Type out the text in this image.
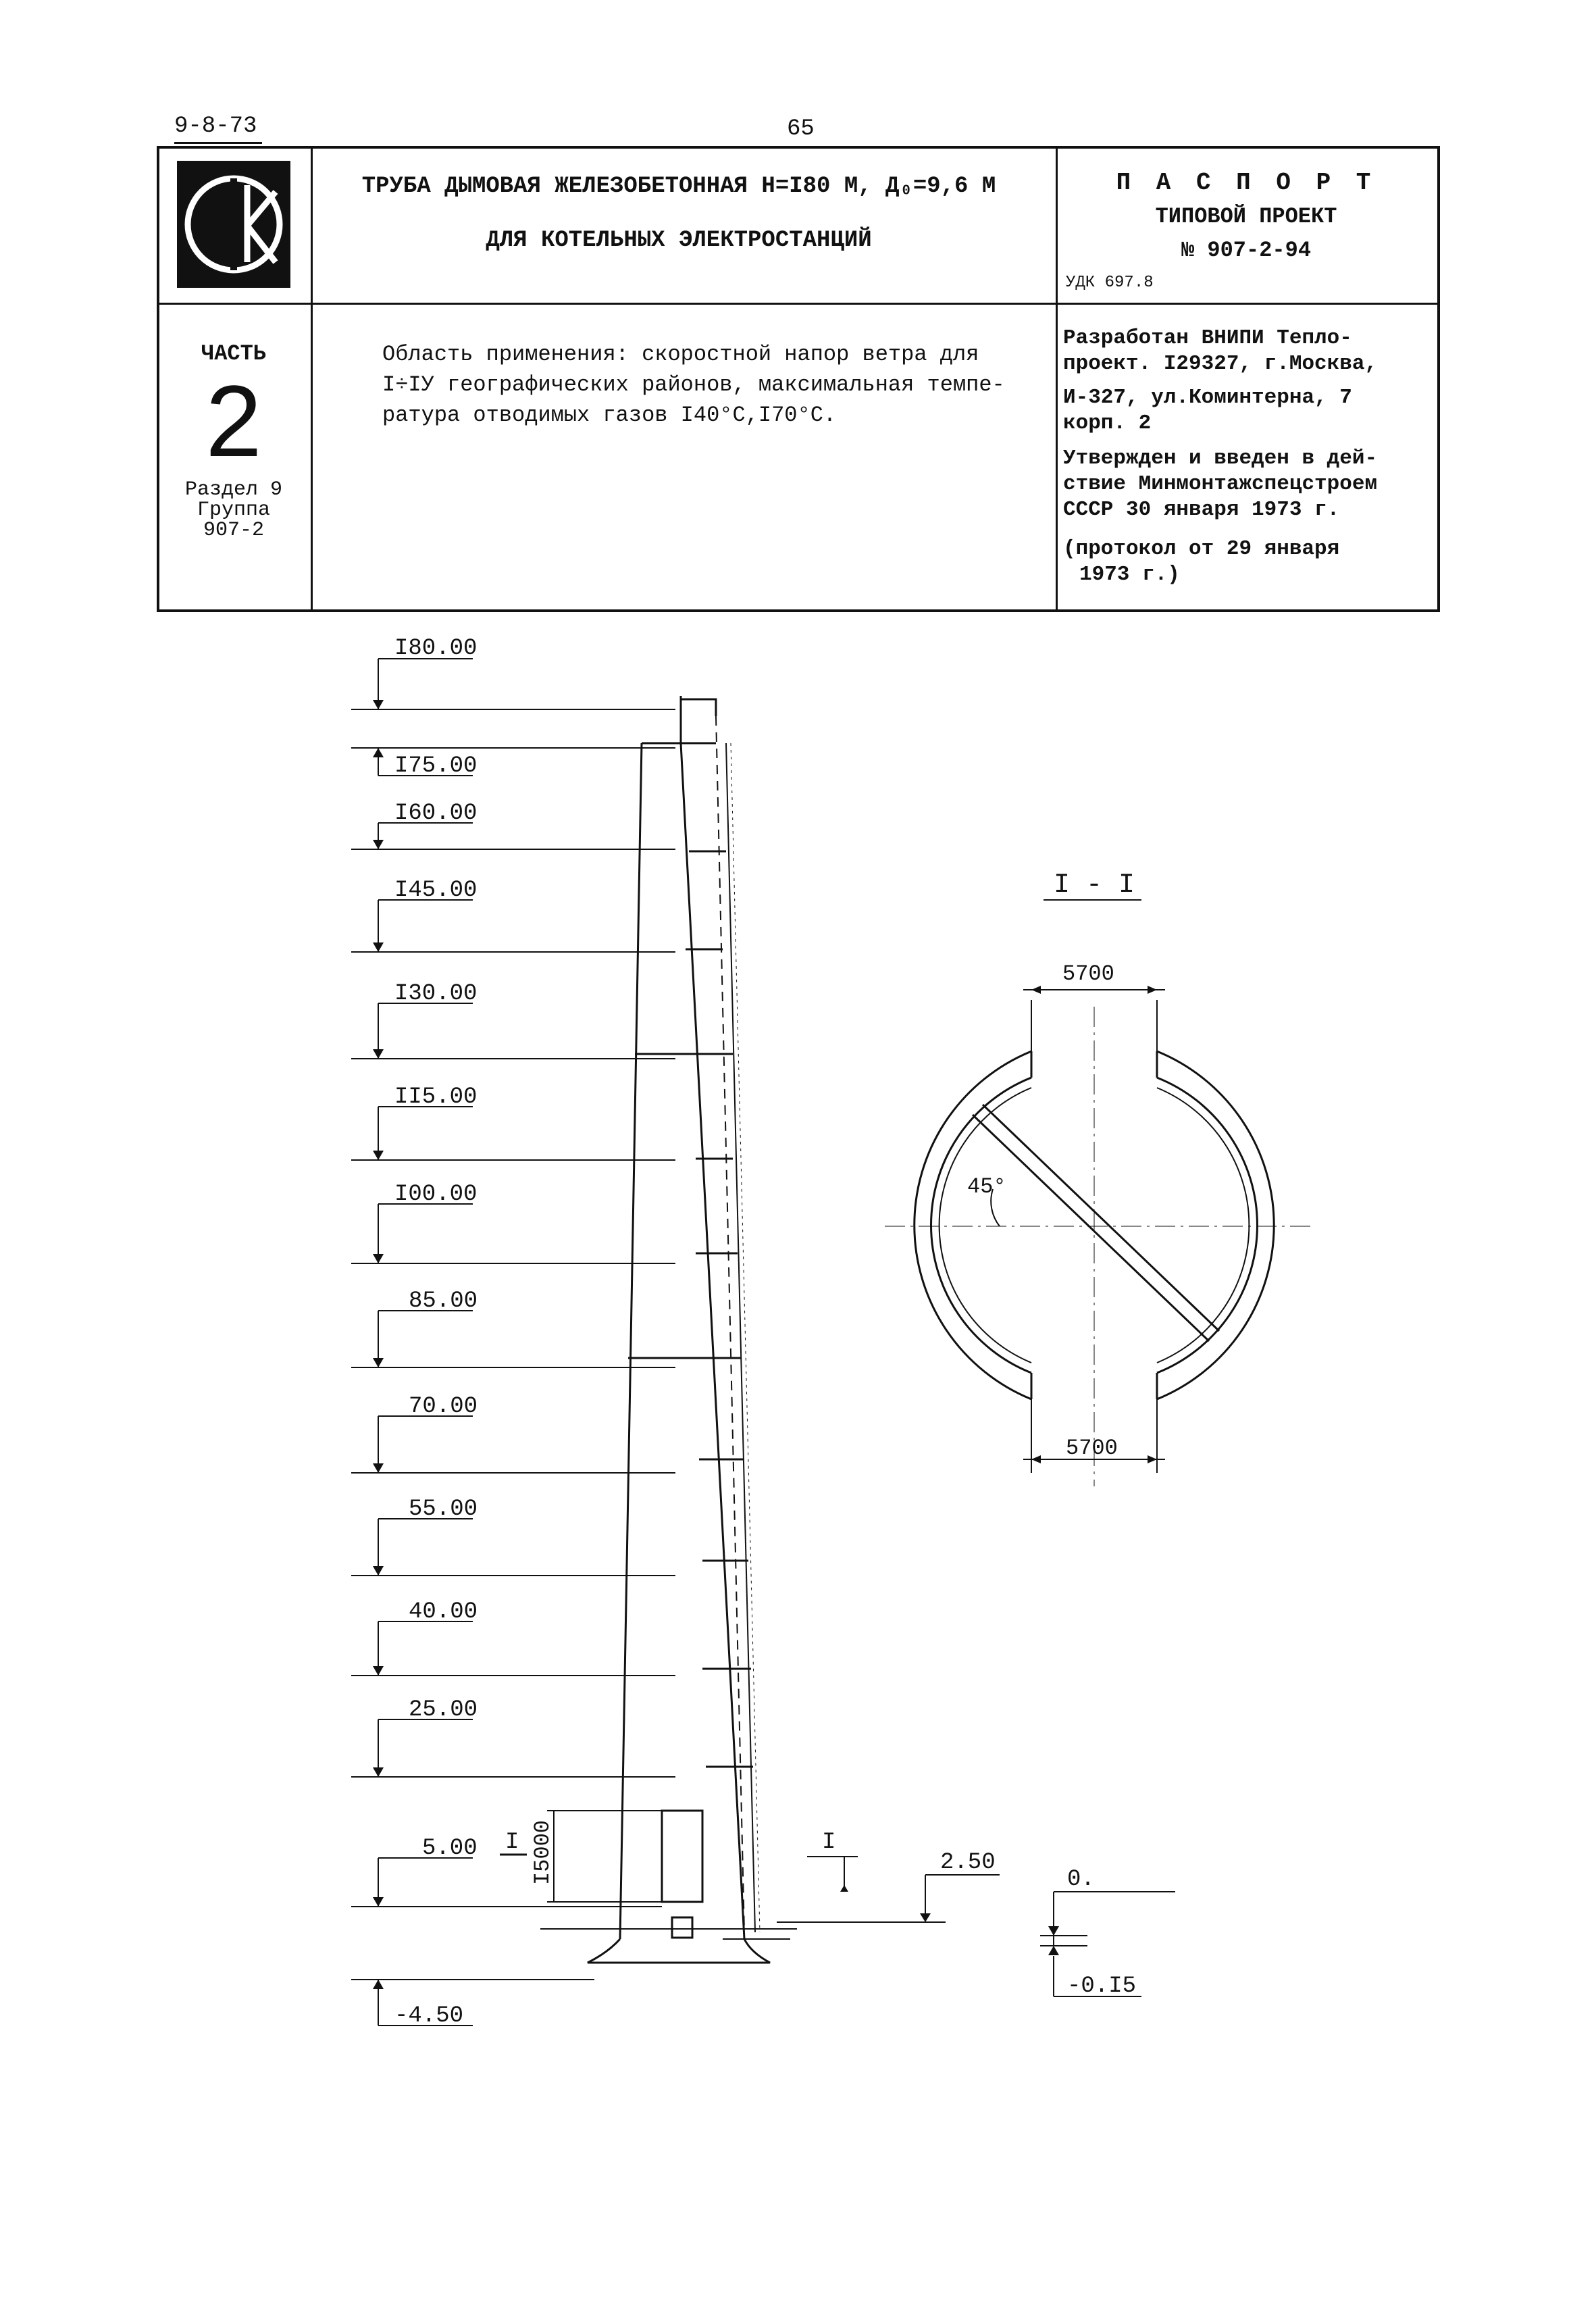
9-8-73	65
ТРУБА ДЫМОВАЯ ЖЕЛЕЗОБЕТОННАЯ Н=I80 М, Д₀=9,6 М
ДЛЯ КОТЕЛЬНЫХ ЭЛЕКТРОСТАНЦИЙ
П А С П О Р Т
ТИПОВОЙ ПРОЕКТ
№ 907-2-94
УДК 697.8
ЧАСТЬ
2
Раздел 9
Группа
907-2
Область применения: скоростной напор ветра для
I÷IУ географических районов, максимальная темпе-
ратура отводимых газов I40°С,I70°С.
Разработан ВНИПИ Тепло-
проект. I29327, г.Москва,
И-327, ул.Коминтерна, 7
корп. 2
Утвержден и введен в дей-
ствие Минмонтажспецстроем
СССР 30 января 1973 г.
(протокол от 29 января
1973 г.)
I80.00
I75.00
I60.00
I45.00
I30.00
II5.00
I00.00
85.00
70.00
55.00
40.00
25.00
5.00
-4.50
I5000
I	I
2.50
0.
-0.I5
I - I
5700
5700
45°
